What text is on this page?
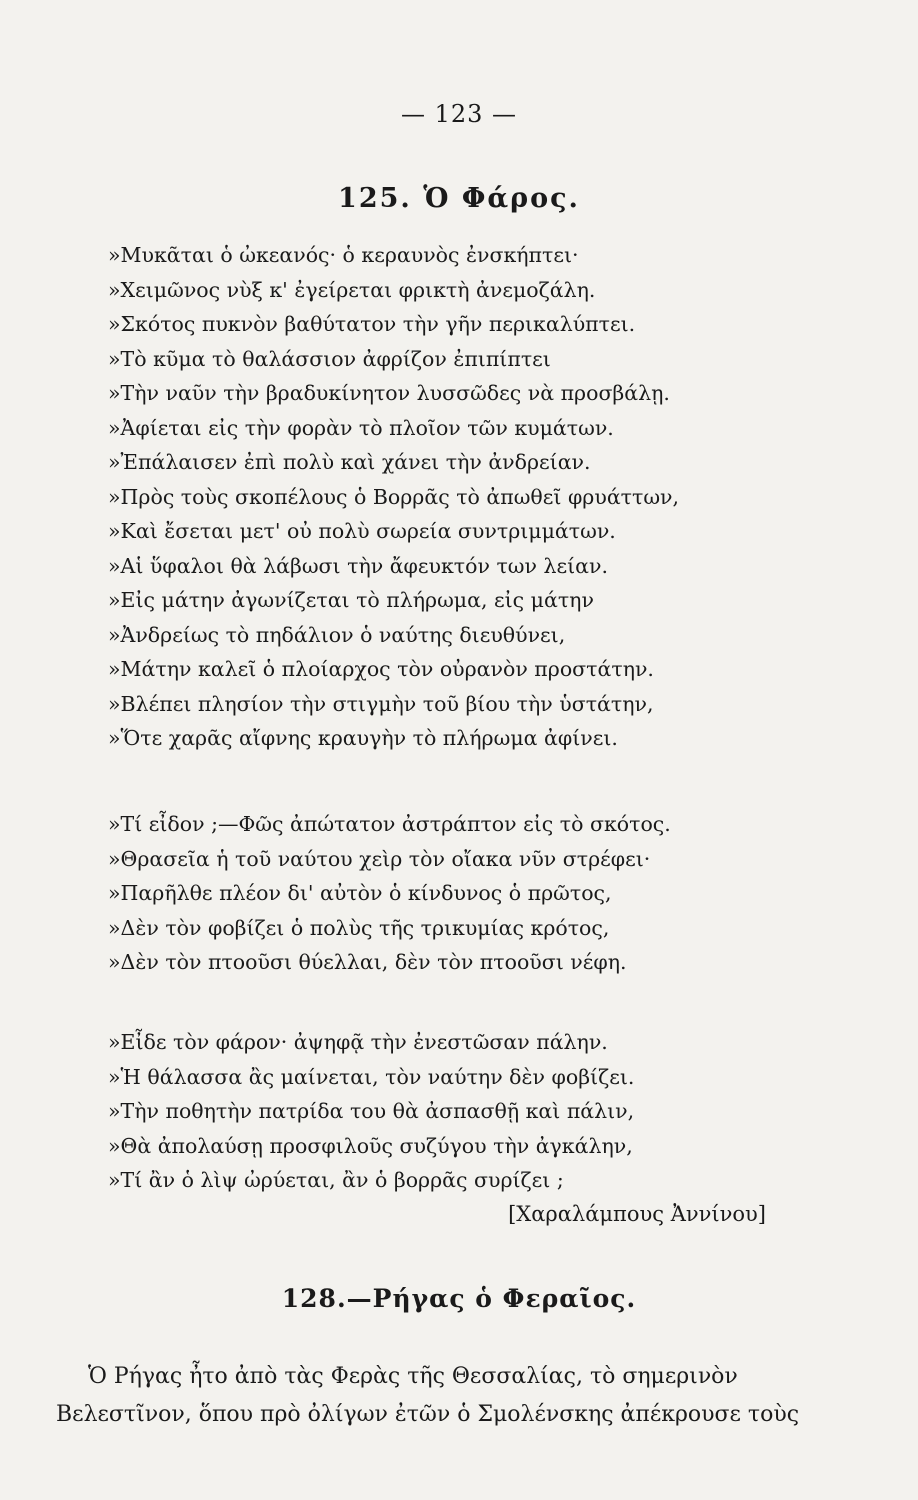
— 123 —
125. Ὁ Φάρος.
»Μυκᾶται ὁ ὠκεανός· ὁ κεραυνὸς ἐνσκήπτει·
»Χειμῶνος νὺξ κ' ἐγείρεται φρικτὴ ἀνεμοζάλη.
»Σκότος πυκνὸν βαθύτατον τὴν γῆν περικαλύπτει.
»Τὸ κῦμα τὸ θαλάσσιον ἀφρίζον ἐπιπίπτει
»Τὴν ναῦν τὴν βραδυκίνητον λυσσῶδες νὰ προσβάλῃ.
»Ἀφίεται εἰς τὴν φορὰν τὸ πλοῖον τῶν κυμάτων.
»Ἐπάλαισεν ἐπὶ πολὺ καὶ χάνει τὴν ἀνδρείαν.
»Πρὸς τοὺς σκοπέλους ὁ Βορρᾶς τὸ ἀπωθεῖ φρυάττων,
»Καὶ ἔσεται μετ' οὐ πολὺ σωρεία συντριμμάτων.
»Αἱ ὕφαλοι θὰ λάβωσι τὴν ἄφευκτόν των λείαν.
»Εἰς μάτην ἀγωνίζεται τὸ πλήρωμα, εἰς μάτην
»Ἀνδρείως τὸ πηδάλιον ὁ ναύτης διευθύνει,
»Μάτην καλεῖ ὁ πλοίαρχος τὸν οὐρανὸν προστάτην.
»Βλέπει πλησίον τὴν στιγμὴν τοῦ βίου τὴν ὑστάτην,
»Ὅτε χαρᾶς αἴφνης κραυγὴν τὸ πλήρωμα ἀφίνει.
»Τί εἶδον ;—Φῶς ἀπώτατον ἀστράπτον εἰς τὸ σκότος.
»Θρασεῖα ἡ τοῦ ναύτου χεὶρ τὸν οἴακα νῦν στρέφει·
»Παρῆλθε πλέον δι' αὐτὸν ὁ κίνδυνος ὁ πρῶτος,
»Δὲν τὸν φοβίζει ὁ πολὺς τῆς τρικυμίας κρότος,
»Δὲν τὸν πτοοῦσι θύελλαι, δὲν τὸν πτοοῦσι νέφη.
»Εἶδε τὸν φάρον· ἀψηφᾷ τὴν ἐνεστῶσαν πάλην.
»Ἡ θάλασσα ἂς μαίνεται, τὸν ναύτην δὲν φοβίζει.
»Τὴν ποθητὴν πατρίδα του θὰ ἀσπασθῇ καὶ πάλιν,
»Θὰ ἀπολαύσῃ προσφιλοῦς συζύγου τὴν ἀγκάλην,
»Τί ἂν ὁ λὶψ ὠρύεται, ἂν ὁ βορρᾶς συρίζει ;
[Χαραλάμπους Ἀννίνου]
128.—Ρήγας ὁ Φεραῖος.
Ὁ Ρήγας ἦτο ἀπὸ τὰς Φερὰς τῆς Θεσσαλίας, τὸ σημερινὸν
Βελεστῖνον, ὅπου πρὸ ὀλίγων ἐτῶν ὁ Σμολένσκης ἀπέκρουσε τοὺς
